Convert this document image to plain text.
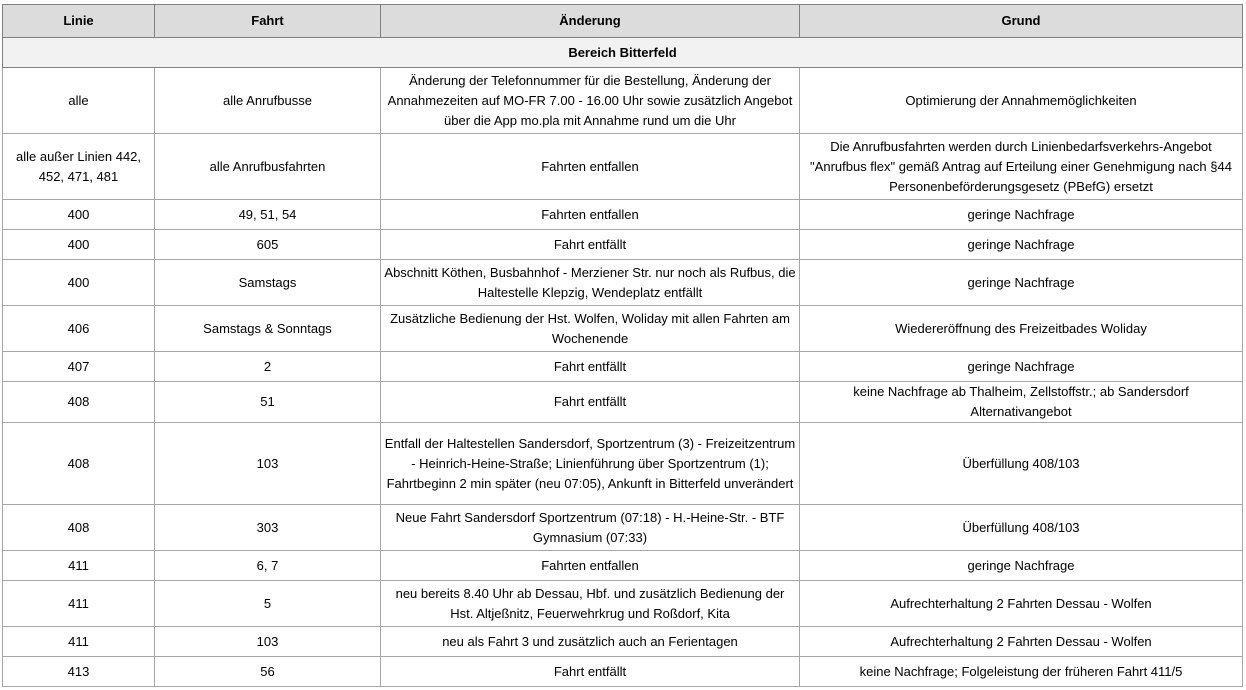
Linie	Fahrt	Änderung	Grund
Bereich Bitterfeld			
alle	alle Anrufbusse	Änderung der Telefonnummer für die Bestellung, Änderung der Annahmezeiten auf MO-FR 7.00 - 16.00 Uhr sowie zusätzlich Angebot über die App mo.pla mit Annahme rund um die Uhr	Optimierung der Annahmemöglichkeiten
alle außer Linien 442, 452, 471, 481	alle Anrufbusfahrten	Fahrten entfallen	Die Anrufbusfahrten werden durch Linienbedarfsverkehrs-Angebot "Anrufbus flex" gemäß Antrag auf Erteilung einer Genehmigung nach §44 Personenbeförderungsgesetz (PBefG) ersetzt
400	49, 51, 54	Fahrten entfallen	geringe Nachfrage
400	605	Fahrt entfällt	geringe Nachfrage
400	Samstags	Abschnitt Köthen, Busbahnhof - Merziener Str. nur noch als Rufbus, die Haltestelle Klepzig, Wendeplatz entfällt	geringe Nachfrage
406	Samstags & Sonntags	Zusätzliche Bedienung der Hst. Wolfen, Woliday mit allen Fahrten am Wochenende	Wiedereröffnung des Freizeitbades Woliday
407	2	Fahrt entfällt	geringe Nachfrage
408	51	Fahrt entfällt	keine Nachfrage ab Thalheim, Zellstoffstr.; ab Sandersdorf Alternativangebot
408	103	Entfall der Haltestellen Sandersdorf, Sportzentrum (3) - Freizeitzentrum - Heinrich-Heine-Straße; Linienführung über Sportzentrum (1); Fahrtbeginn 2 min später (neu 07:05), Ankunft in Bitterfeld unverändert	Überfüllung 408/103
408	303	Neue Fahrt Sandersdorf Sportzentrum (07:18) - H.-Heine-Str. - BTF Gymnasium (07:33)	Überfüllung 408/103
411	6, 7	Fahrten entfallen	geringe Nachfrage
411	5	neu bereits 8.40 Uhr ab Dessau, Hbf. und zusätzlich Bedienung der Hst. Altjeßnitz, Feuerwehrkrug und Roßdorf, Kita	Aufrechterhaltung 2 Fahrten Dessau - Wolfen
411	103	neu als Fahrt 3 und zusätzlich auch an Ferientagen	Aufrechterhaltung 2 Fahrten Dessau - Wolfen
413	56	Fahrt entfällt	keine Nachfrage; Folgeleistung der früheren Fahrt 411/5
